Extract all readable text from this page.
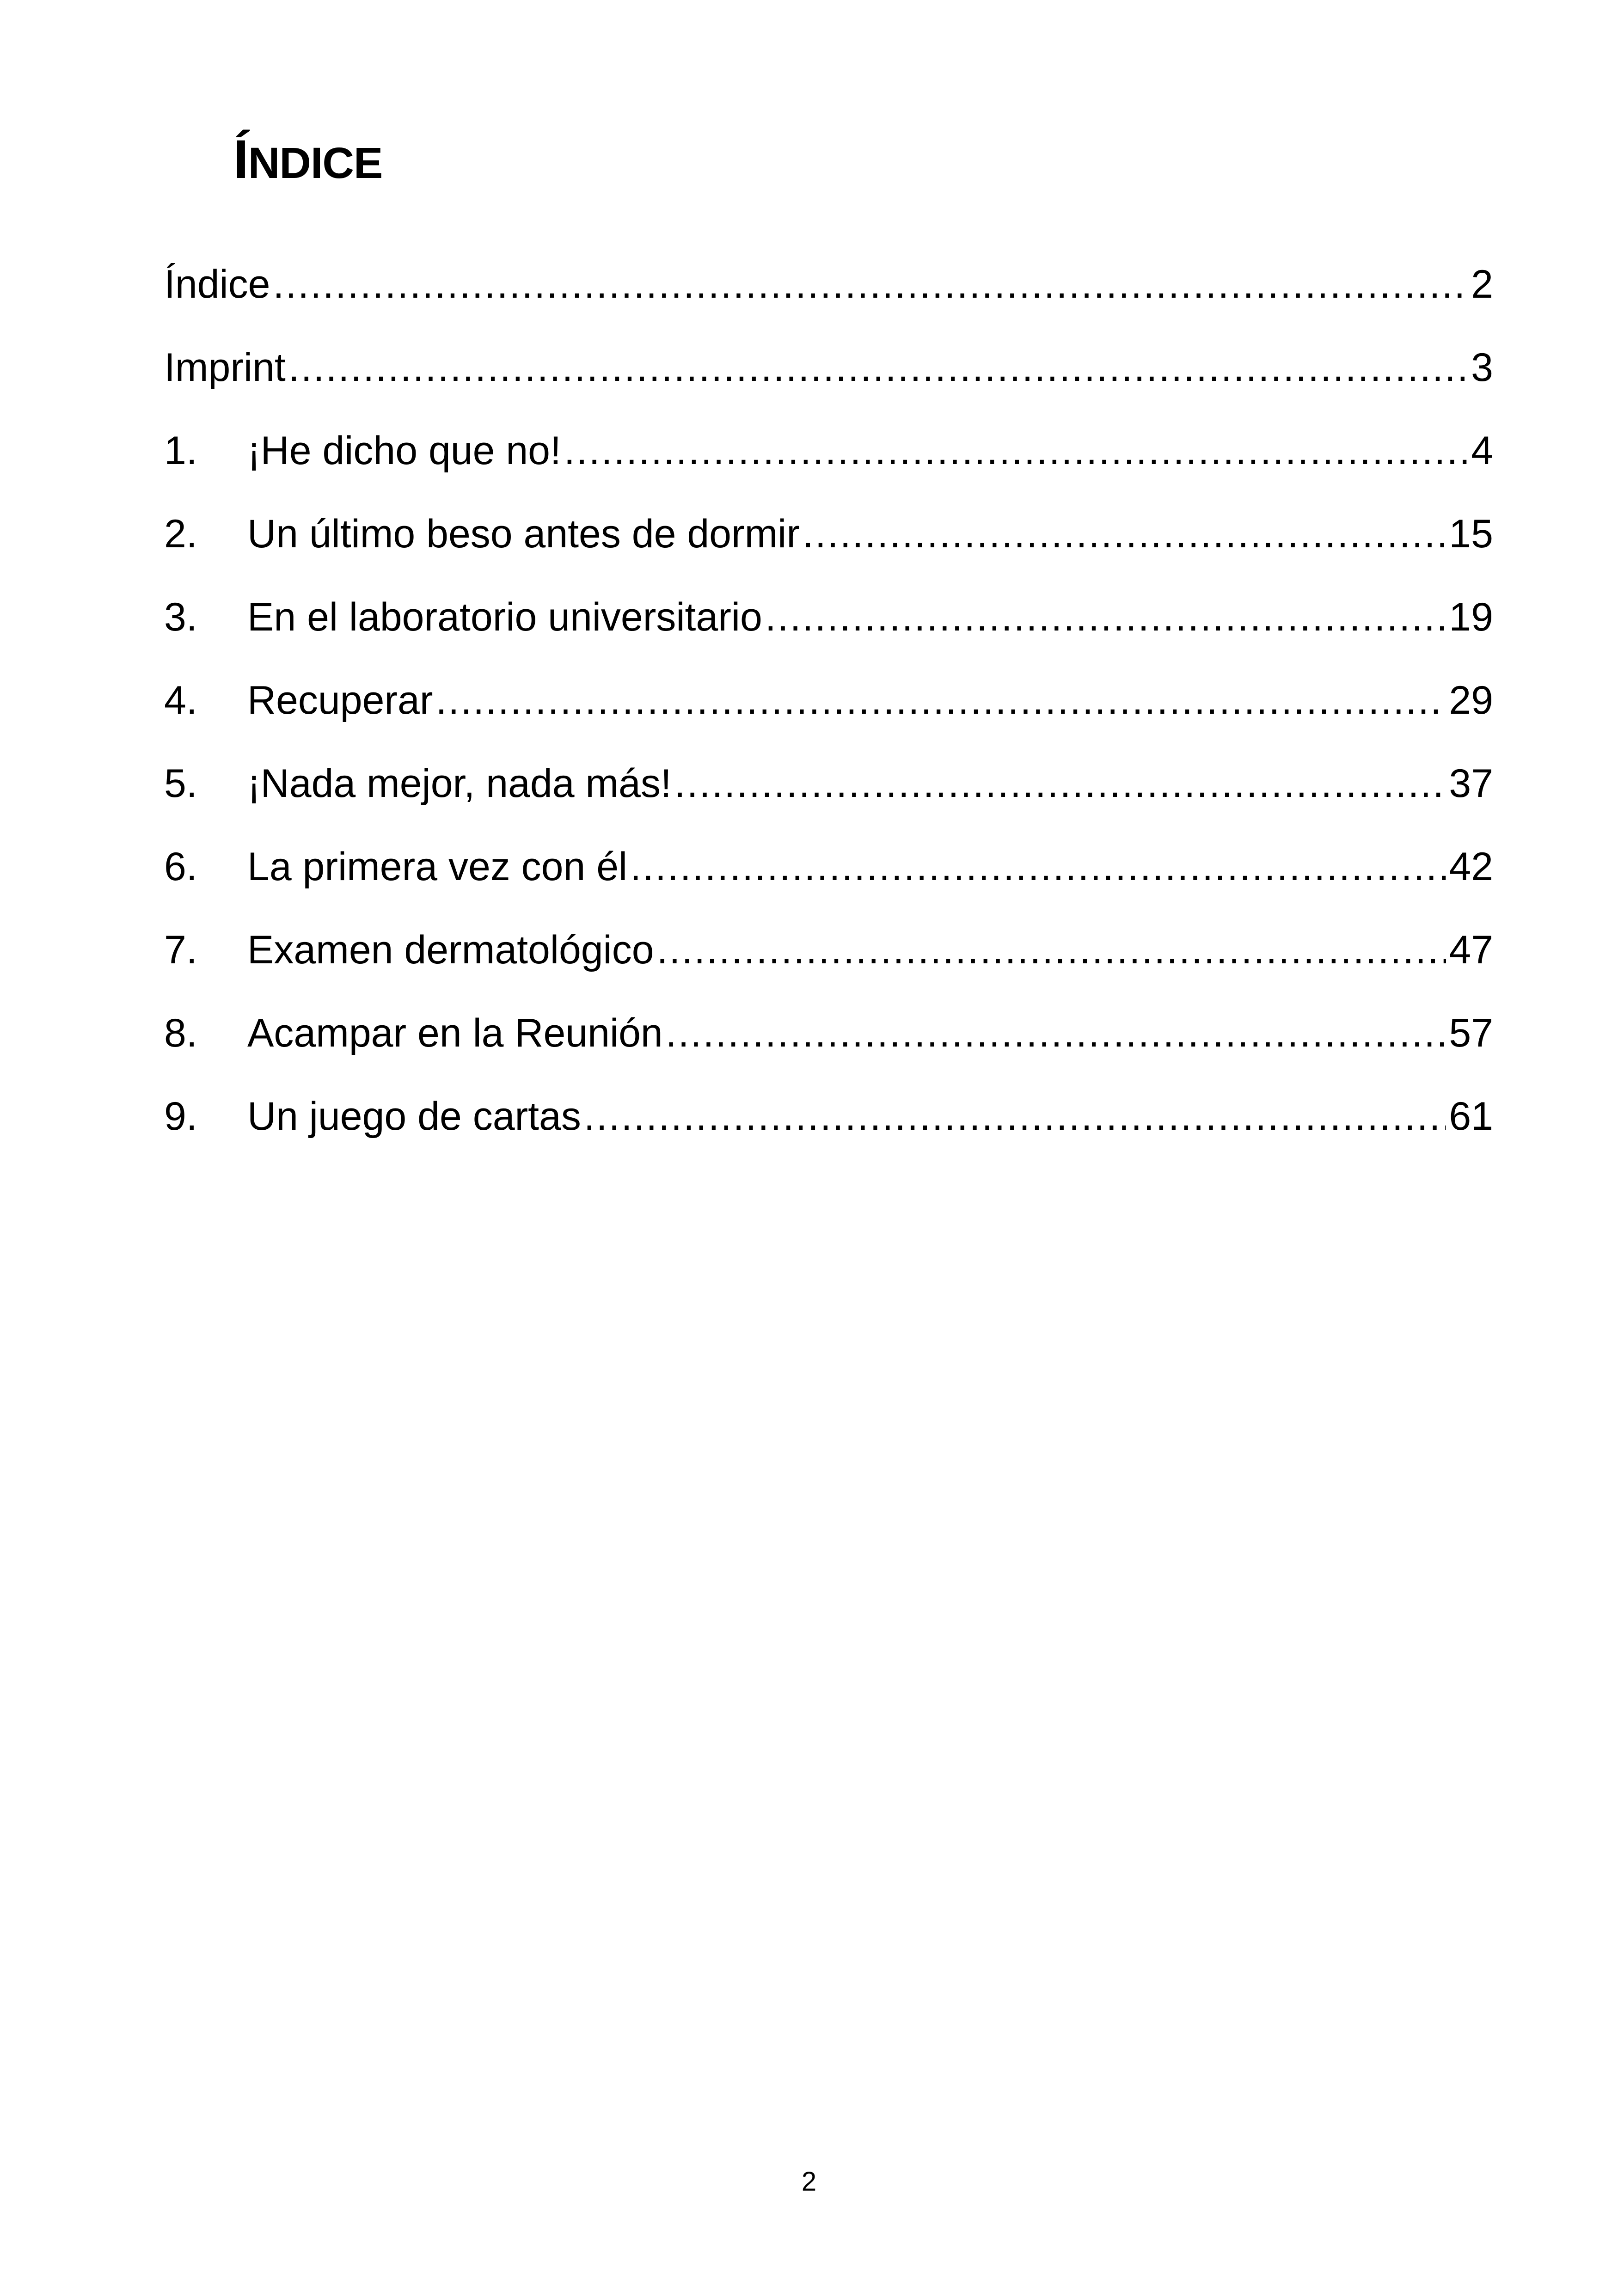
ÍNDICE
Índice .....	2
Imprint .....	3
1.	¡He dicho que no! .....	4
2.	Un último beso antes de dormir .....	15
3.	En el laboratorio universitario .....	19
4.	Recuperar .....	29
5.	¡Nada mejor, nada más! .....	37
6.	La primera vez con él .....	42
7.	Examen dermatológico .....	47
8.	Acampar en la Reunión .....	57
9.	Un juego de cartas .....	61
2
